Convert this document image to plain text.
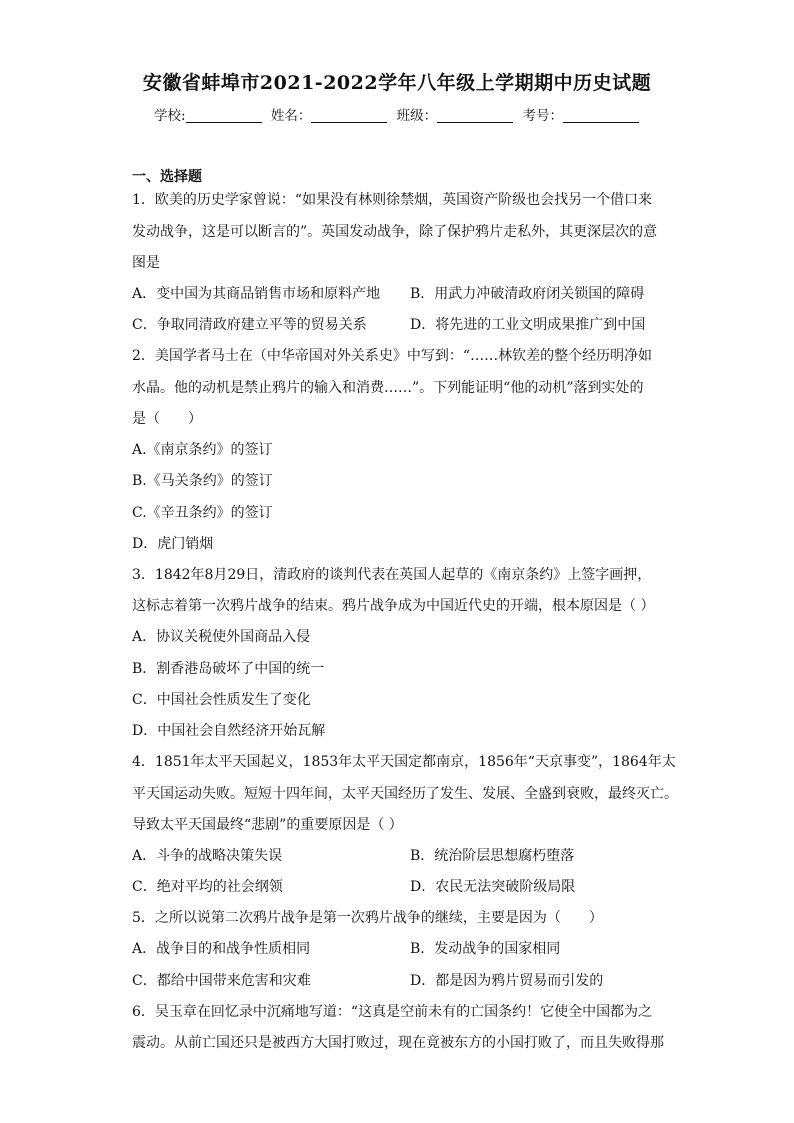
安徽省蚌埠市2021-2022学年八年级上学期期中历史试题
学校:	姓名：	班级：	考号：
一、选择题
1．欧美的历史学家曾说：“如果没有林则徐禁烟，英国资产阶级也会找另一个借口来
发动战争，这是可以断言的”。英国发动战争，除了保护鸦片走私外，其更深层次的意
图是
A．变中国为其商品销售市场和原料产地 B．用武力冲破清政府闭关锁国的障碍
C．争取同清政府建立平等的贸易关系	D．将先进的工业文明成果推广到中国
2．美国学者马士在（中华帝国对外关系史》中写到：“……林钦差的整个经历明净如
水晶。他的动机是禁止鸦片的输入和消费……”。下列能证明“他的动机”落到实处的
是（　　）
A.《南京条约》的签订
B.《马关条约》的签订
C.《辛丑条约》的签订
D．虎门销烟
3．1842年8月29日，清政府的谈判代表在英国人起草的《南京条约》上签字画押，
这标志着第一次鸦片战争的结束。鸦片战争成为中国近代史的开端，根本原因是（ ）
A．协议关税使外国商品入侵
B．割香港岛破坏了中国的统一
C．中国社会性质发生了变化
D．中国社会自然经济开始瓦解
4．1851年太平天国起义，1853年太平天国定都南京，1856年“天京事变”，1864年太
平天国运动失败。短短十四年间，太平天国经历了发生、发展、全盛到衰败，最终灭亡。
导致太平天国最终“悲剧”的重要原因是（ ）
A．斗争的战略决策失误	B．统治阶层思想腐朽堕落
C．绝对平均的社会纲领	D．农民无法突破阶级局限
5．之所以说第二次鸦片战争是第一次鸦片战争的继续，主要是因为（　　）
A．战争目的和战争性质相同	B．发动战争的国家相同
C．都给中国带来危害和灾难	D．都是因为鸦片贸易而引发的
6．吴玉章在回忆录中沉痛地写道：“这真是空前未有的亡国条约！它使全中国都为之
震动。从前亡国还只是被西方大国打败过，现在竟被东方的小国打败了，而且失败得那
